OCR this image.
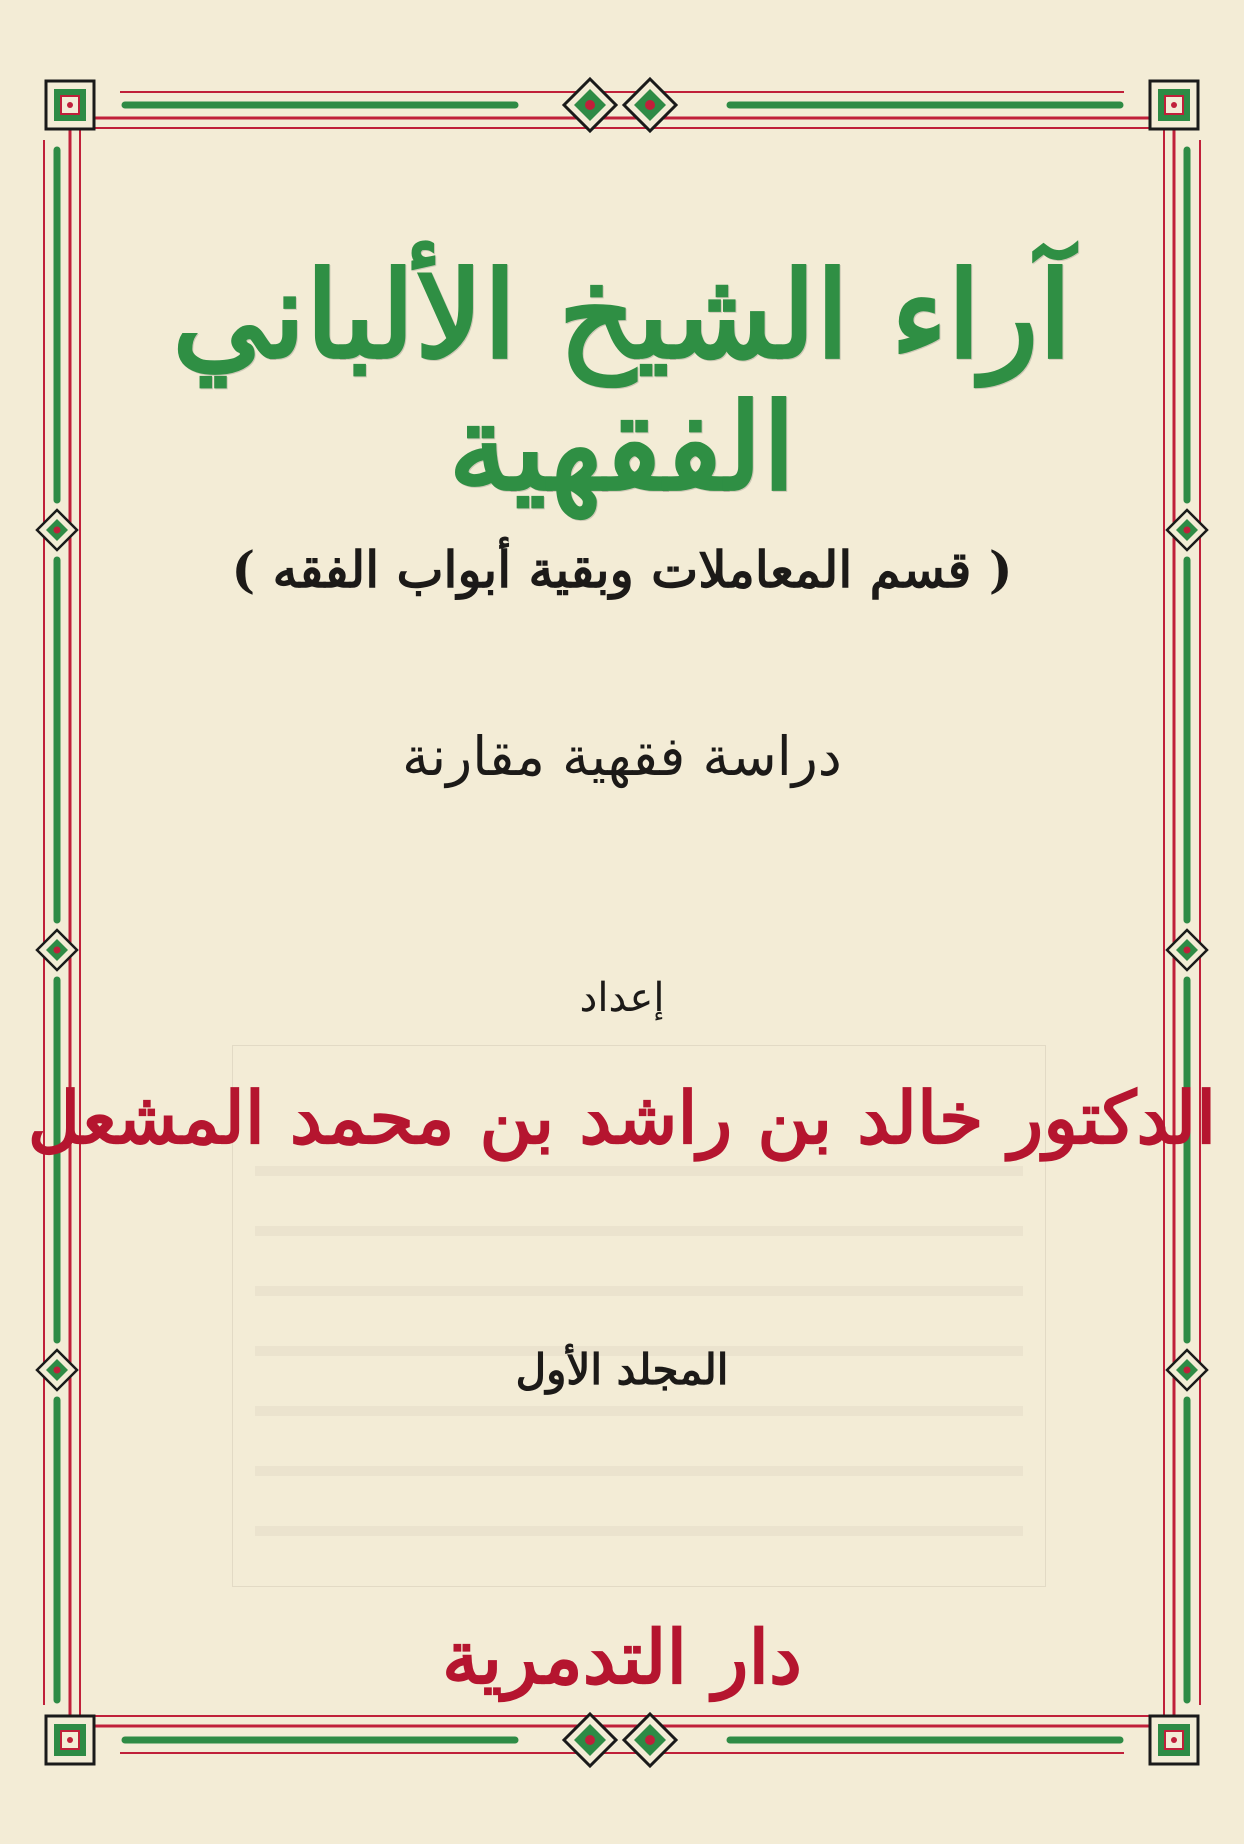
آراء الشيخ الألباني الفقهية
( قسم المعاملات وبقية أبواب الفقه )
دراسة فقهية مقارنة
إعداد
الدكتور خالد بن راشد بن محمد المشعل
المجلد الأول
دار التدمرية
